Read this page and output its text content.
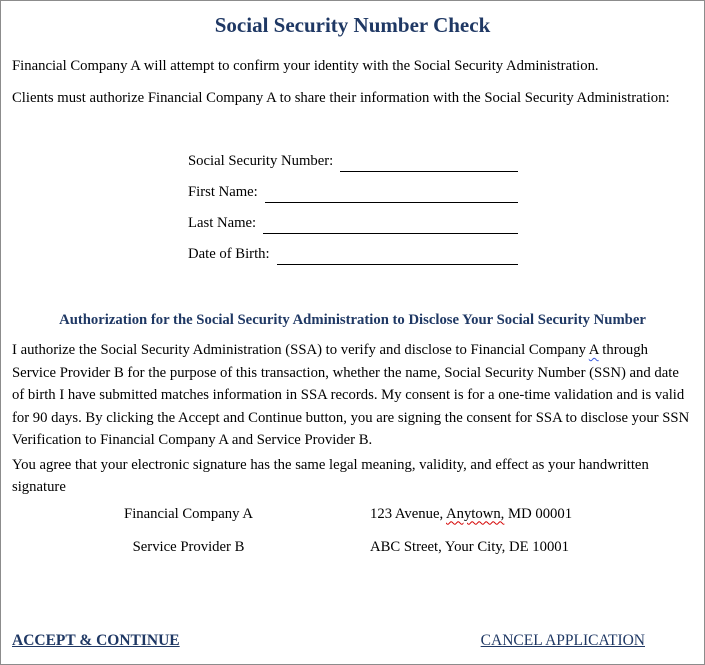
Social Security Number Check

Financial Company A will attempt to confirm your identity with the Social Security Administration.

Clients must authorize Financial Company A to share their information with the Social Security Administration:

Social Security Number:
First Name:
Last Name:
Date of Birth:

Authorization for the Social Security Administration to Disclose Your Social Security Number

I authorize the Social Security Administration (SSA) to verify and disclose to Financial Company A through Service Provider B for the purpose of this transaction, whether the name, Social Security Number (SSN) and date of birth I have submitted matches information in SSA records. My consent is for a one-time validation and is valid for 90 days. By clicking the Accept and Continue button, you are signing the consent for SSA to disclose your SSN Verification to Financial Company A and Service Provider B.

You agree that your electronic signature has the same legal meaning, validity, and effect as your handwritten signature

Financial Company A	123 Avenue, Anytown, MD 00001
Service Provider B	ABC Street, Your City, DE 10001
ACCEPT & CONTINUE	CANCEL APPLICATION
